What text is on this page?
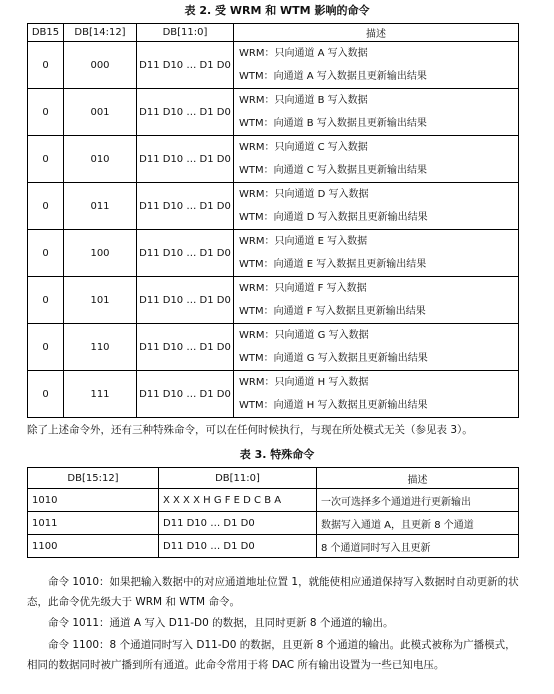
表 2. 受 WRM 和 WTM 影响的命令
DB15	DB[14:12]	DB[11:0]	描述
0	000	D11 D10 … D1 D0	WRM：只向通道 A 写入数据
WTM：向通道 A 写入数据且更新输出结果

0	001	D11 D10 … D1 D0	WRM：只向通道 B 写入数据
WTM：向通道 B 写入数据且更新输出结果

0	010	D11 D10 … D1 D0	WRM：只向通道 C 写入数据
WTM：向通道 C 写入数据且更新输出结果

0	011	D11 D10 … D1 D0	WRM：只向通道 D 写入数据
WTM：向通道 D 写入数据且更新输出结果

0	100	D11 D10 … D1 D0	WRM：只向通道 E 写入数据
WTM：向通道 E 写入数据且更新输出结果

0	101	D11 D10 … D1 D0	WRM：只向通道 F 写入数据
WTM：向通道 F 写入数据且更新输出结果

0	110	D11 D10 … D1 D0	WRM：只向通道 G 写入数据
WTM：向通道 G 写入数据且更新输出结果

0	111	D11 D10 … D1 D0	WRM：只向通道 H 写入数据
WTM：向通道 H 写入数据且更新输出结果
除了上述命令外，还有三种特殊命令，可以在任何时候执行，与现在所处模式无关（参见表 3）。
表 3. 特殊命令
DB[15:12]	DB[11:0]	描述
1010	X X X X H G F E D C B A	一次可选择多个通道进行更新输出
1011	D11 D10 … D1 D0	数据写入通道 A，且更新 8 个通道
1100	D11 D10 … D1 D0	8 个通道同时写入且更新
命令 1010：如果把输入数据中的对应通道地址位置 1，就能使相应通道保持写入数据时自动更新的状态，此命令优先级大于 WRM 和 WTM 命令。
命令 1011：通道 A 写入 D11-D0 的数据，且同时更新 8 个通道的输出。
命令 1100：8 个通道同时写入 D11-D0 的数据，且更新 8 个通道的输出。此模式被称为广播模式，相同的数据同时被广播到所有通道。此命令常用于将 DAC 所有输出设置为一些已知电压。
